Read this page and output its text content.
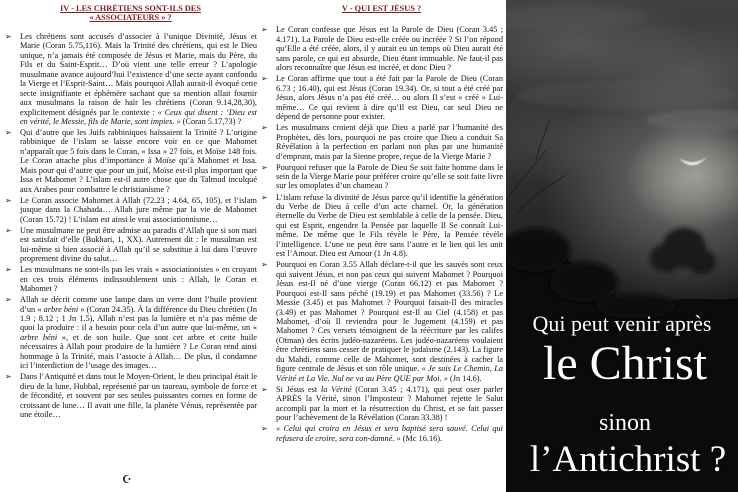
IV - LES CHRÉTIENS SONT-ILS DES
« ASSOCIATEURS » ?
➢
Les chrétiens sont accusés d’associer à l’unique Divinité, Jésus et Marie (Coran 5.75,116). Mais la Trinité des chrétiens, qui est le Dieu unique, n’a jamais été composée de Jésus et Marie, mais du Père, du Fils et du Saint-Esprit… D’où vient une telle erreur ? L’apologie musulmane avance aujourd’hui l’existence d’une secte ayant confondu la Vierge et l’Esprit-Saint… Mais pourquoi Allah aurait-il évoqué cette secte insignifiante et éphémère sachant que sa mention allait fournir aux musulmans la raison de haïr les chrétiens (Coran 9.14,28,30), explicitement désignés par le contexte : « Ceux qui disent : ‘Dieu est en vérité, le Messie, fils de Marie, sont impies. » (Coran 5.17,73) ?
➢
Qui d’autre que les Juifs rabbiniques haïssaient la Trinité ? L’origine rabbinique de l’islam se laisse encore voir en ce que Mahomet n’apparaît que 5 fois dans le Coran, « Issa » 27 fois, et Moïse 148 fois. Le Coran attache plus d’importance à Moïse qu’à Mahomet et Issa. Mais pour qui d’autre que pour un juif, Moïse est-il plus important que Issa et Mahomet ? L’islam est-il autre chose que du Talmud inculqué aux Arabes pour combattre le christianisme ?
➢
Le Coran associe Mahomet à Allah (72.23 ; 4.64, 65, 105), et l’islam jusque dans la Chahada… Allah jure même par la vie de Mahomet (Coran 15.72) ! L’islam est ainsi le vrai associationnisme…
➢
Une musulmane ne peut être admise au paradis d’Allah que si son mari est satisfait d’elle (Bukhari, 1, XX). Autrement dit : le musulman est lui-même si bien associé à Allah qu’il se substitue à lui dans l’œuvre proprement divine du salut…
➢
Les musulmans ne sont-ils pas les vrais « associationistes » en croyant en ces trois éléments indissoublement unis : Allah, le Coran et Mahomet ?
➢
Allah se décrit comme une lampe dans un verre dont l’huile provient d’un « arbre béni » (Coran 24.35). À la différence du Dieu chrétien (Jn 1.9 ; 8.12 ; 1 Jn 1.5), Allah n’est pas la lumière et n’a pas même de quoi la produire : il a besoin pour cela d’un autre que lui-même, un « arbre béni », et de son huile. Que sont cet arbre et cette huile nécessaires à Allah pour produire de la lumière ? Le Coran rend ainsi hommage à la Trinité, mais l’associe à Allah… De plus, il condamne ici l’interdiction de l’usage des images…
➢
Dans l’Antiquité et dans tout le Moyen-Orient, le dieu principal était le dieu de la lune, Hubbal, représenté par un taureau, symbole de force et de fécondité, et souvent par ses seules puissantes cornes en forme de croissant de lune… Il avait une fille, la planète Vénus, représentée par une étoile…
☪
V - QUI EST JÉSUS ?
➢
Le Coran confesse que Jésus est la Parole de Dieu (Coran 3.45 ; 4.171). La Parole de Dieu est-elle créée ou incréée ? Si l’on répond qu’Elle a été créée, alors, il y aurait eu un temps où Dieu aurait été sans parole, ce qui est absurde, Dieu étant immuable. Ne faut-il pas alors reconnaître que Jésus est incréé, et donc Dieu ?
➢
Le Coran affirme que tout a été fait par la Parole de Dieu (Coran 6.73 ; 16.40), qui est Jésus (Coran 19.34). Or, si tout a été créé par Jésus, alors Jésus n’a pas été créé… ou alors Il s’est « créé » Lui-même… Ce qui revient à dire qu’Il est Dieu, car seul Dieu ne dépend de personne pour exister.
➢
Les musulmans croient déjà que Dieu a parlé par l’humanité des Prophètes, dès lors, pourquoi ne pas croire que Dieu a conduit Sa Révélation à la perfection en parlant non plus par une humanité d’emprunt, mais par la Sienne propre, reçue de la Vierge Marie ?
➢
Pourquoi refuser que la Parole de Dieu Se soit faite homme dans le sein de la Vierge Marie pour préférer croire qu’elle se soit faite livre sur les omoplates d’un chameau ?
➢
L’islam refuse la divinité de Jésus parce qu’il identifie la génération du Verbe de Dieu à celle d’un acte charnel. Or, la génération éternelle du Verbe de Dieu est semblable à celle de la pensée. Dieu, qui est Esprit, engendre la Pensée par laquelle Il Se connaît Lui-même. De même que le Fils révèle le Père, la Pensée révèle l’intelligence. L’une ne peut être sans l’autre et le lien qui les unit est l’Amour. Dieu est Amour (1 Jn 4.8).
➢
Pourquoi en Coran 3.55 Allah déclare-t-il que les sauvés sont ceux qui suivent Jésus, et non pas ceux qui suivent Mahomet ? Pourquoi Jésus est-Il né d’une vierge (Coran 66.12) et pas Mahomet ? Pourquoi est-Il sans péché (19.19) et pas Mahomet (33.56) ? Le Messie (3.45) et pas Mahomet ? Pourquoi faisait-Il des miracles (3.49) et pas Mahomet ? Pourquoi est-Il au Ciel (4.158) et pas Mahomet, d’où Il reviendra pour le Jugement (4.159) et pas Mahomet ? Ces versets témoignent de la réécriture par les califes (Otman) des écrits judéo-nazaréens. Les judéo-nazaréens voulaient être chrétiens sans cesser de pratiquer le judaïsme (2.143). La figure du Mahdi, comme celle de Mahomet, sont destinées à cacher la figure centrale de Jésus et son rôle unique. « Je suis Le Chemin, La Vérité et La Vie. Nul ne va au Père QUE par Moi. » (Jn 14.6).
➢
Si Jésus est la Vérité (Coran 3.45 ; 4.171), qui peut oser parler APRÈS la Vérité, sinon l’Imposteur ? Mahomet rejette le Salut accompli par la mort et la résurrection du Christ, et se fait passer pour l’achèvement de la Révélation (Coran 33.38) !
➢
« Celui qui croira en Jésus et sera baptisé sera sauvé. Celui qui refusera de croire, sera con-damné. » (Mc 16.16).
Qui peut venir après
le Christ
sinon
l’Antichrist ?
